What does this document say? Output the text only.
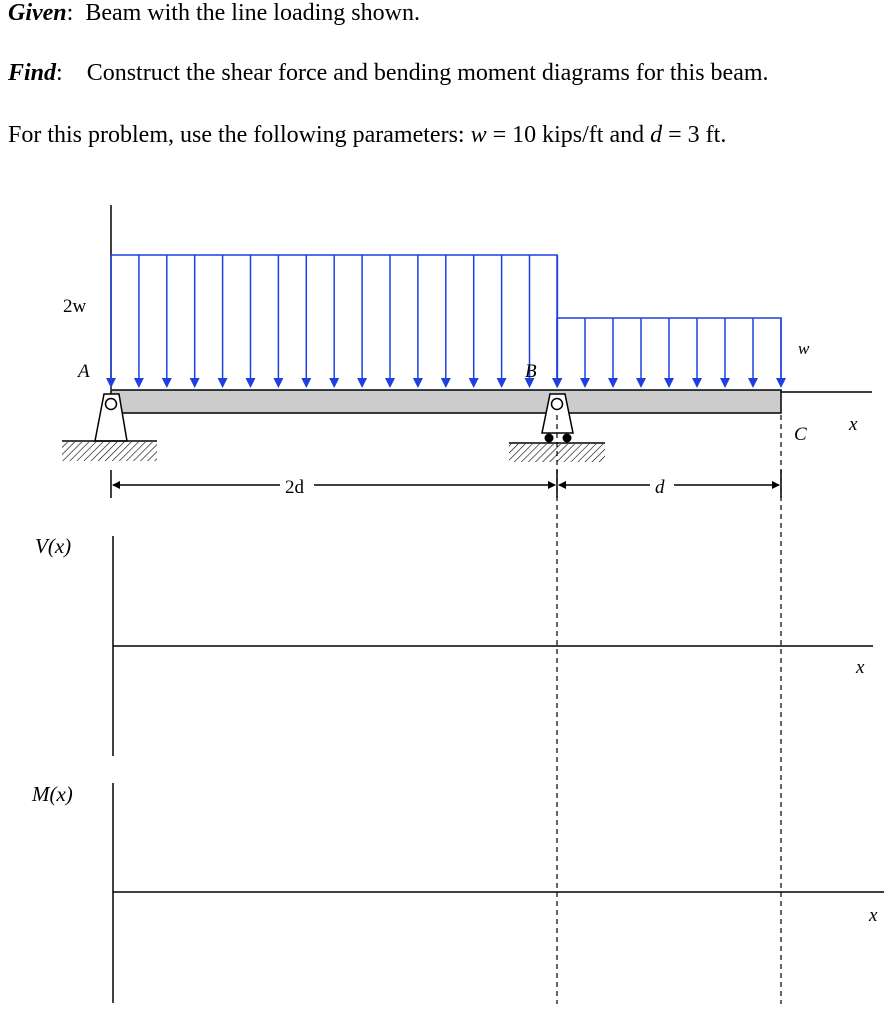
Given: Beam with the line loading shown.
Find: Construct the shear force and bending moment diagrams for this beam.
For this problem, use the following parameters: w = 10 kips/ft and d = 3 ft.
2w
w
A	B
C x
2d	d
V(x)
x
M(x)
x
